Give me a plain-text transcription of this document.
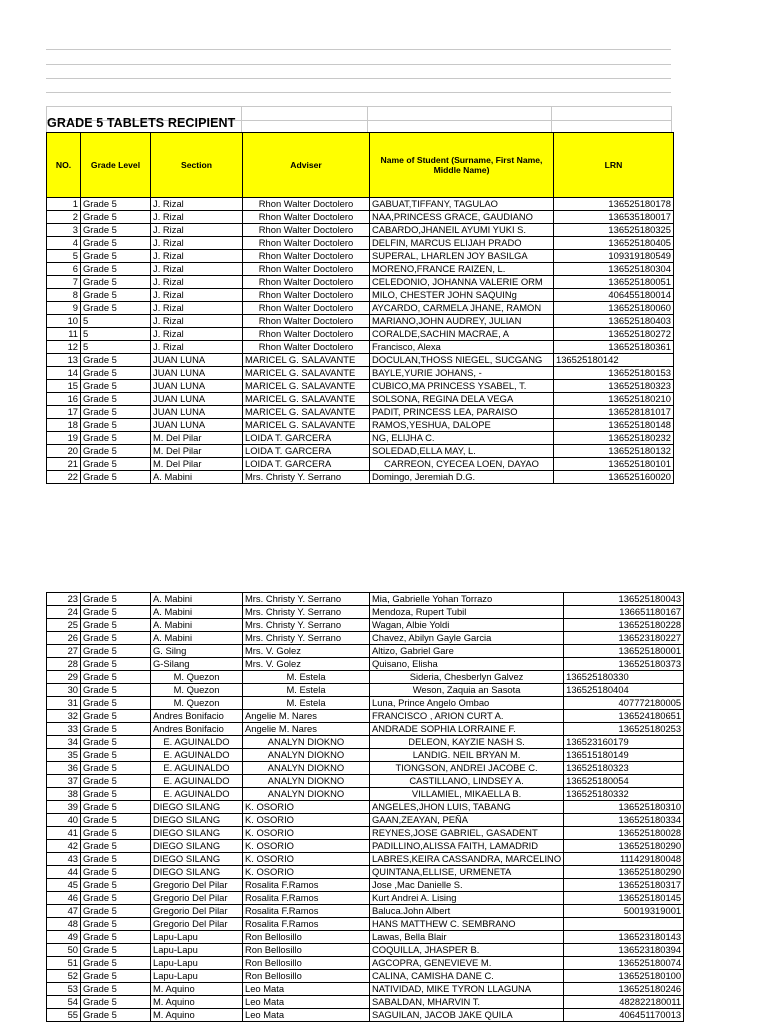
GRADE 5 TABLETS RECIPIENT
NO.	Grade Level	Section	Adviser	Name of Student (Surname, First Name, Middle Name)	LRN
1	Grade 5	J. Rizal	Rhon Walter Doctolero	GABUAT,TIFFANY, TAGULAO	136525180178
2	Grade 5	J. Rizal	Rhon Walter Doctolero	NAA,PRINCESS GRACE, GAUDIANO	136535180017
3	Grade 5	J. Rizal	Rhon Walter Doctolero	CABARDO,JHANEIL AYUMI YUKI S.	136525180325
4	Grade 5	J. Rizal	Rhon Walter Doctolero	DELFIN, MARCUS ELIJAH PRADO	136525180405
5	Grade 5	J. Rizal	Rhon Walter Doctolero	SUPERAL, LHARLEN JOY BASILGA	109319180549
6	Grade 5	J. Rizal	Rhon Walter Doctolero	MORENO,FRANCE RAIZEN, L.	136525180304
7	Grade 5	J. Rizal	Rhon Walter Doctolero	CELEDONIO, JOHANNA VALERIE ORM	136525180051
8	Grade 5	J. Rizal	Rhon Walter Doctolero	MILO, CHESTER JOHN SAQUINg	406455180014
9	Grade 5	J. Rizal	Rhon Walter Doctolero	AYCARDO, CARMELA JHANE, RAMON	136525180060
10	5	J. Rizal	Rhon Walter Doctolero	MARIANO,JOHN AUDREY, JULIAN	136525180403
11	5	J. Rizal	Rhon Walter Doctolero	CORALDE,SACHIN MACRAE, A	136525180272
12	5	J. Rizal	Rhon Walter Doctolero	Francisco, Alexa	136525180361
13	Grade 5	JUAN LUNA	MARICEL G. SALAVANTE	DOCULAN,THOSS NIEGEL, SUCGANG	136525180142
14	Grade 5	JUAN LUNA	MARICEL G. SALAVANTE	BAYLE,YURIE JOHANS, -	136525180153
15	Grade 5	JUAN LUNA	MARICEL G. SALAVANTE	CUBICO,MA PRINCESS YSABEL, T.	136525180323
16	Grade 5	JUAN LUNA	MARICEL G. SALAVANTE	SOLSONA, REGINA DELA VEGA	136525180210
17	Grade 5	JUAN LUNA	MARICEL G. SALAVANTE	PADIT, PRINCESS LEA, PARAISO	136528181017
18	Grade 5	JUAN LUNA	MARICEL G. SALAVANTE	RAMOS,YESHUA, DALOPE	136525180148
19	Grade 5	M. Del Pilar	LOIDA T. GARCERA	NG, ELIJHA C.	136525180232
20	Grade 5	M. Del Pilar	LOIDA T. GARCERA	SOLEDAD,ELLA MAY, L.	136525180132
21	Grade 5	M. Del Pilar	LOIDA T. GARCERA	CARREON, CYECEA LOEN, DAYAO	136525180101
22	Grade 5	A. Mabini	Mrs. Christy Y. Serrano	Domingo, Jeremiah D.G.	136525160020
23	Grade 5	A. Mabini	Mrs. Christy Y. Serrano	Mia, Gabrielle Yohan Torrazo	136525180043
24	Grade 5	A. Mabini	Mrs. Christy Y. Serrano	Mendoza, Rupert Tubil	136651180167
25	Grade 5	A. Mabini	Mrs. Christy Y. Serrano	Wagan, Albie Yoldi	136525180228
26	Grade 5	A. Mabini	Mrs. Christy Y. Serrano	Chavez, Abilyn Gayle Garcia	136523180227
27	Grade 5	G. Silng	Mrs. V. Golez	Altizo, Gabriel Gare	136525180001
28	Grade 5	G-Silang	Mrs. V. Golez	Quisano, Elisha	136525180373
29	Grade 5	M. Quezon	M. Estela	Sideria, Chesberlyn Galvez	136525180330
30	Grade 5	M. Quezon	M. Estela	Weson, Zaquia an Sasota	136525180404
31	Grade 5	M. Quezon	M. Estela	Luna, Prince Angelo Ombao	407772180005
32	Grade 5	Andres Bonifacio	Angelie M. Nares	FRANCISCO , ARION CURT A.	136524180651
33	Grade 5	Andres Bonifacio	Angelie M. Nares	ANDRADE SOPHIA LORRAINE F.	136525180253
34	Grade 5	E. AGUINALDO	ANALYN DIOKNO	DELEON, KAYZIE NASH S.	136523160179
35	Grade 5	E. AGUINALDO	ANALYN DIOKNO	LANDIG. NEIL BRYAN M.	136515180149
36	Grade 5	E. AGUINALDO	ANALYN DIOKNO	TIONGSON, ANDREI JACOBE C.	136525180323
37	Grade 5	E. AGUINALDO	ANALYN DIOKNO	CASTILLANO, LINDSEY A.	136525180054
38	Grade 5	E. AGUINALDO	ANALYN DIOKNO	VILLAMIEL, MIKAELLA B.	136525180332
39	Grade 5	DIEGO SILANG	K. OSORIO	ANGELES,JHON LUIS, TABANG	136525180310
40	Grade 5	DIEGO SILANG	K. OSORIO	GAAN,ZEAYAN, PEÑA	136525180334
41	Grade 5	DIEGO SILANG	K. OSORIO	REYNES,JOSE GABRIEL, GASADENT	136525180028
42	Grade 5	DIEGO SILANG	K. OSORIO	PADILLINO,ALISSA FAITH, LAMADRID	136525180290
43	Grade 5	DIEGO SILANG	K. OSORIO	LABRES,KEIRA CASSANDRA, MARCELINO	111429180048
44	Grade 5	DIEGO SILANG	K. OSORIO	QUINTANA,ELLISE, URMENETA	136525180290
45	Grade 5	Gregorio Del Pilar	Rosalita F.Ramos	Jose ,Mac Danielle S.	136525180317
46	Grade 5	Gregorio Del Pilar	Rosalita F.Ramos	Kurt Andrei A. Lising	136525180145
47	Grade 5	Gregorio Del Pilar	Rosalita F.Ramos	Baluca.John Albert	50019319001
48	Grade 5	Gregorio Del Pilar	Rosalita F.Ramos	HANS MATTHEW C. SEMBRANO	
49	Grade 5	Lapu-Lapu	Ron Bellosillo	Lawas, Bella Blair	136523180143
50	Grade 5	Lapu-Lapu	Ron Bellosillo	COQUILLA, JHASPER B.	136523180394
51	Grade 5	Lapu-Lapu	Ron Bellosillo	AGCOPRA, GENEVIEVE M.	136525180074
52	Grade 5	Lapu-Lapu	Ron Bellosillo	CALINA, CAMISHA DANE C.	136525180100
53	Grade 5	M. Aquino	Leo Mata	NATIVIDAD, MIKE TYRON LLAGUNA	136525180246
54	Grade 5	M. Aquino	Leo Mata	SABALDAN, MHARVIN T.	482822180011
55	Grade 5	M. Aquino	Leo Mata	SAGUILAN, JACOB JAKE QUILA	406451170013
